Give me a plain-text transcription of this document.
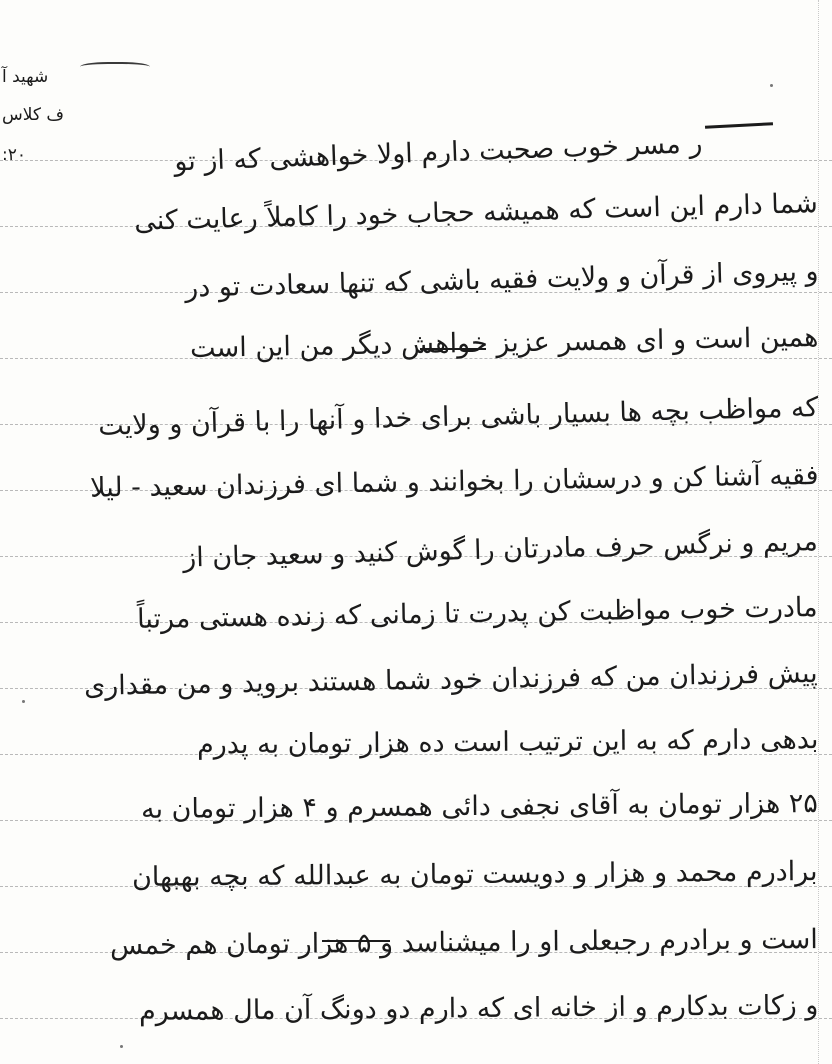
شهید آ
ف کلاس
۲۰:	ر مسر خوب صحبت دارم اولا خواهشی که از تو
شما دارم این است که همیشه حجاب خود را کاملاً رعایت کنی
و پیروی از قرآن و ولایت فقیه باشی که تنها سعادت تو در
همین است و ای همسر عزیز خواهش دیگر من این است
که مواظب بچه ها بسیار باشی برای خدا و آنها را با قرآن و ولایت
فقیه آشنا کن و درسشان را بخوانند و شما ای فرزندان سعید - لیلا
مریم و نرگس حرف مادرتان را گوش کنید و سعید جان از
مادرت خوب مواظبت کن پدرت تا زمانی که زنده هستی مرتباً
پیش فرزندان من که فرزندان خود شما هستند بروید و من مقداری
بدهی دارم که به این ترتیب است ده هزار تومان به پدرم
۲۵ هزار تومان به آقای نجفی دائی همسرم و ۴ هزار تومان به
برادرم محمد و هزار و دویست تومان به عبدالله که بچه بهبهان
است و برادرم رجبعلی او را میشناسد و ۵ هزار تومان هم خمس
و زکات بدکارم و از خانه ای که دارم دو دونگ آن مال همسرم
